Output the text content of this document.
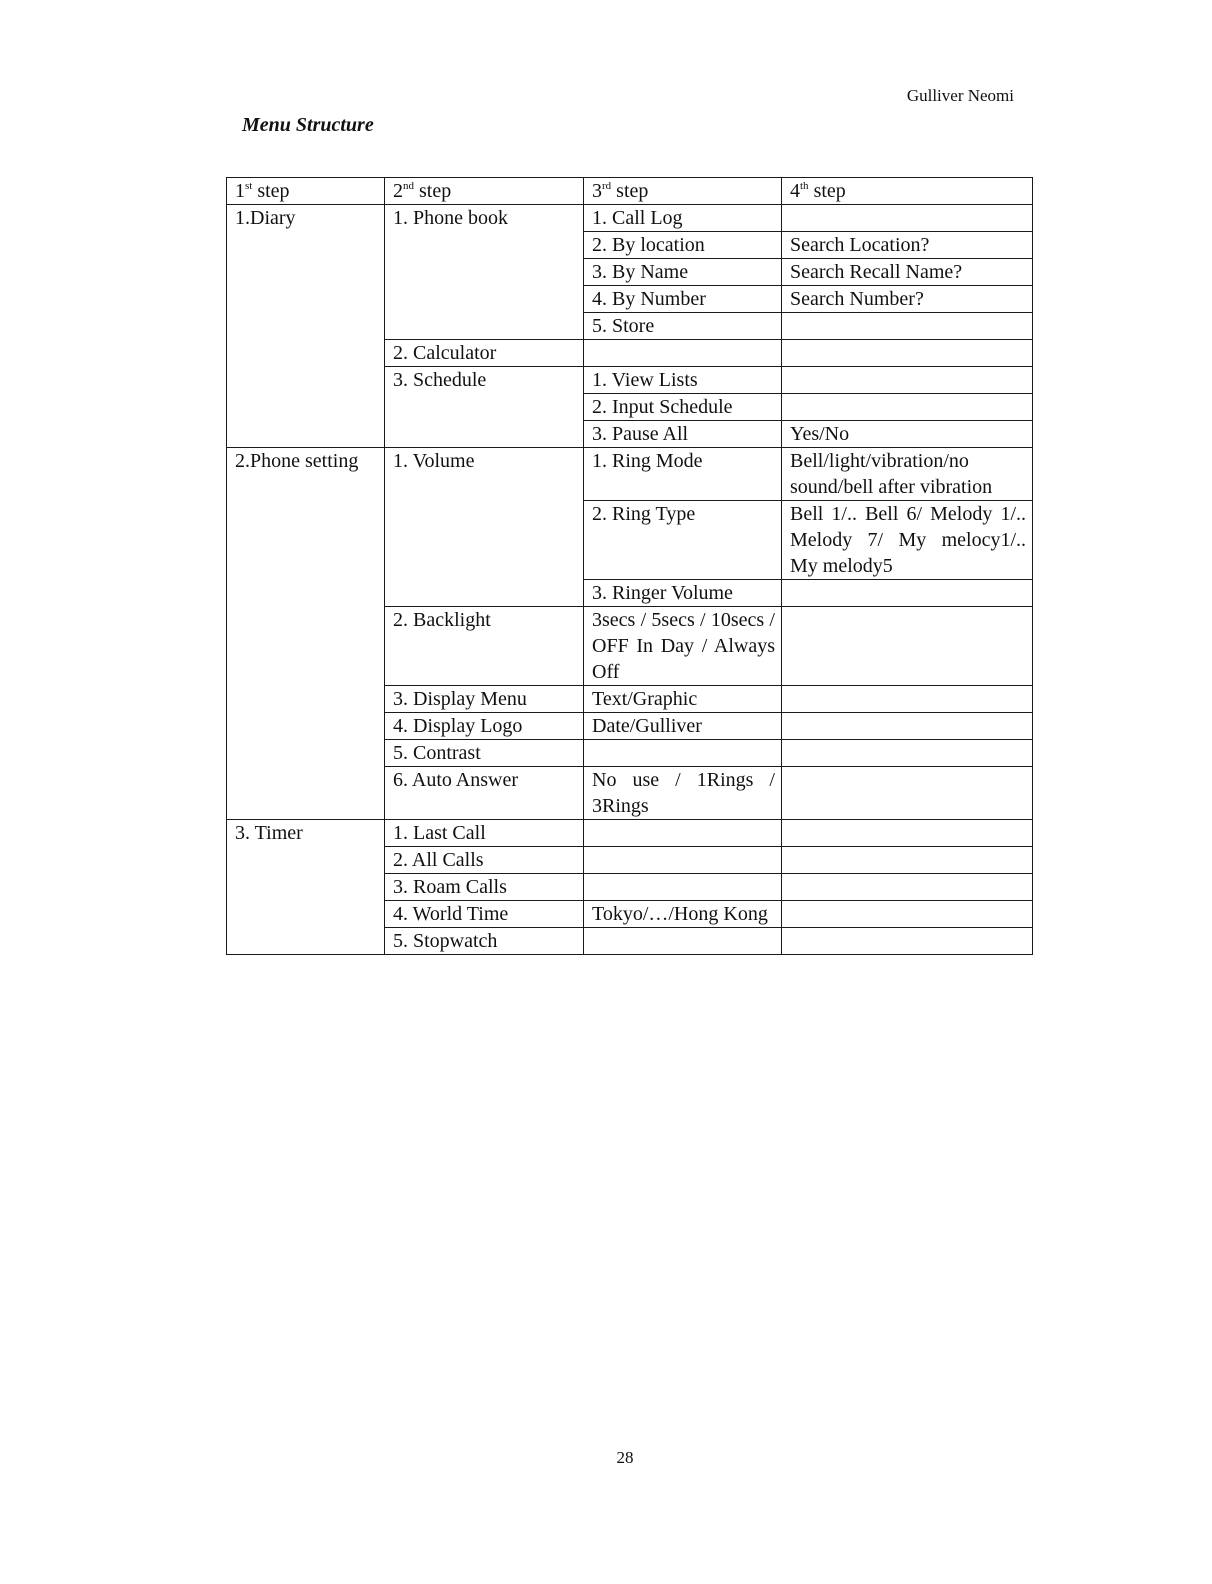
Gulliver Neomi
Menu Structure
1st step	2nd step	3rd step	4th step
1.Diary	1. Phone book	1. Call Log	
		2. By location	Search Location?
		3. By Name	Search Recall Name?
		4. By Number	Search Number?
		5. Store	
	2. Calculator		
	3. Schedule	1. View Lists	
		2. Input Schedule	
		3. Pause All	Yes/No
2.Phone setting	1. Volume	1. Ring Mode	Bell/light/vibration/no sound/bell after vibration
		2. Ring Type	Bell 1/.. Bell 6/ Melody 1/.. Melody 7/ My melocy1/.. My melody5
		3. Ringer Volume	
	2. Backlight	3secs / 5secs / 10secs / OFF In Day / Always Off	
	3. Display Menu	Text/Graphic	
	4. Display Logo	Date/Gulliver	
	5. Contrast		
	6. Auto Answer	No use / 1Rings / 3Rings	
3. Timer	1. Last Call		
	2. All Calls		
	3. Roam Calls		
	4. World Time	Tokyo/…/Hong Kong	
	5. Stopwatch		
28
